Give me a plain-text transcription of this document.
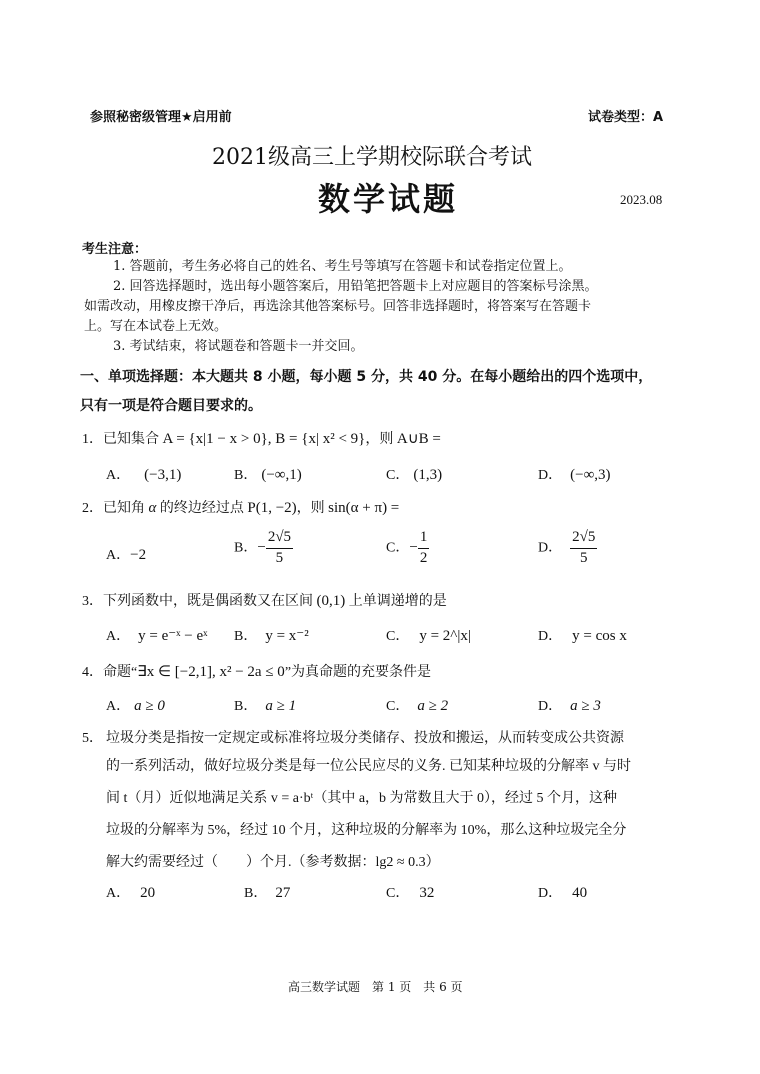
参照秘密级管理★启用前	试卷类型：A
2021级高三上学期校际联合考试
数学试题	2023.08
考生注意：
1. 答题前，考生务必将自己的姓名、考生号等填写在答题卡和试卷指定位置上。
2. 回答选择题时，选出每小题答案后，用铅笔把答题卡上对应题目的答案标号涂黑。
如需改动，用橡皮擦干净后，再选涂其他答案标号。回答非选择题时，将答案写在答题卡
上。写在本试卷上无效。
3. 考试结束，将试题卷和答题卡一并交回。
一、单项选择题：本大题共 8 小题，每小题 5 分，共 40 分。在每小题给出的四个选项中，
只有一项是符合题目要求的。
1．已知集合 A = {x|1 − x > 0}, B = {x| x² < 9}，则 A∪B =
A． (−3,1)	B． (−∞,1)	C． (1,3)	D． (−∞,3)
2．已知角 α 的终边经过点 P(1, −2)，则 sin(α + π) =
A．−2	B．− $\frac{2√5}{5}$	C．− $\frac{1}{2}$	D． $\frac{2√5}{5}$
3．下列函数中，既是偶函数又在区间 (0,1) 上单调递增的是
A． y = e⁻ˣ − eˣ B． y = x⁻²	C． y = 2^|x|	D． y = cos x
4．命题“∃x ∈ [−2,1], x² − 2a ≤ 0”为真命题的充要条件是
A． a ≥ 0	B． a ≥ 1	C． a ≥ 2	D． a ≥ 3
5． 垃圾分类是指按一定规定或标准将垃圾分类储存、投放和搬运，从而转变成公共资源
的一系列活动，做好垃圾分类是每一位公民应尽的义务. 已知某种垃圾的分解率 v 与时
间 t（月）近似地满足关系 v = a·bᵗ（其中 a，b 为常数且大于 0），经过 5 个月，这种
垃圾的分解率为 5%，经过 10 个月，这种垃圾的分解率为 10%，那么这种垃圾完全分
解大约需要经过（　　）个月.（参考数据：lg2 ≈ 0.3）
A． 20	B． 27	C． 32	D． 40
高三数学试题　第 1 页　共 6 页
